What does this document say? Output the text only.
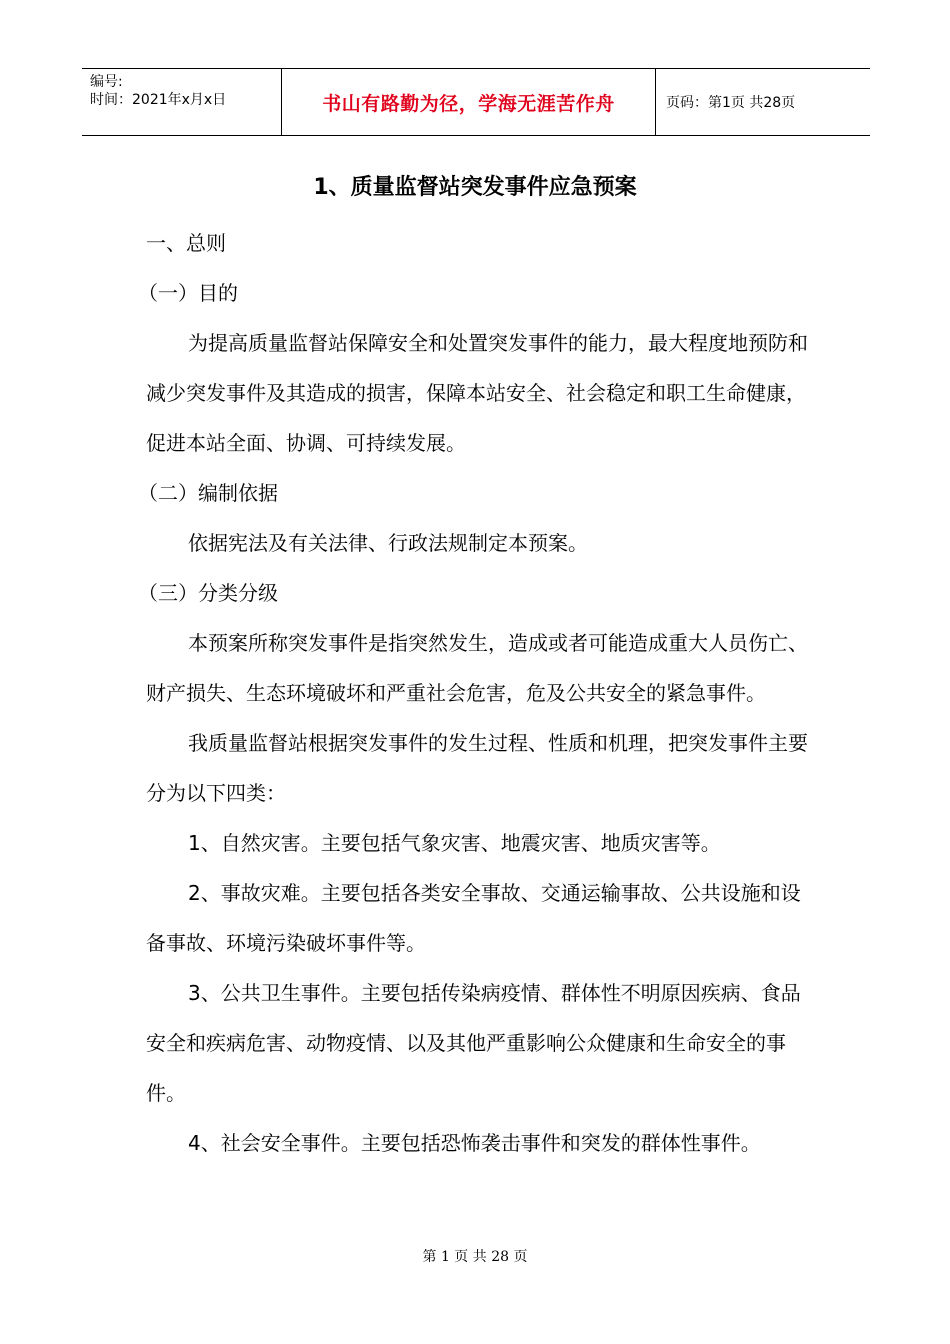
编号:
时间：2021年x月x日	书山有路勤为径，学海无涯苦作舟	页码：第1页 共28页
1、质量监督站突发事件应急预案

一、总则

（一）目的

为提高质量监督站保障安全和处置突发事件的能力，最大程度地预防和减少突发事件及其造成的损害，保障本站安全、社会稳定和职工生命健康，促进本站全面、协调、可持续发展。

（二）编制依据

依据宪法及有关法律、行政法规制定本预案。

（三）分类分级

本预案所称突发事件是指突然发生，造成或者可能造成重大人员伤亡、财产损失、生态环境破坏和严重社会危害，危及公共安全的紧急事件。

我质量监督站根据突发事件的发生过程、性质和机理，把突发事件主要分为以下四类：

1、自然灾害。主要包括气象灾害、地震灾害、地质灾害等。

2、事故灾难。主要包括各类安全事故、交通运输事故、公共设施和设备事故、环境污染破坏事件等。

3、公共卫生事件。主要包括传染病疫情、群体性不明原因疾病、食品安全和疾病危害、动物疫情、以及其他严重影响公众健康和生命安全的事件。

4、社会安全事件。主要包括恐怖袭击事件和突发的群体性事件。

第 1 页 共 28 页
